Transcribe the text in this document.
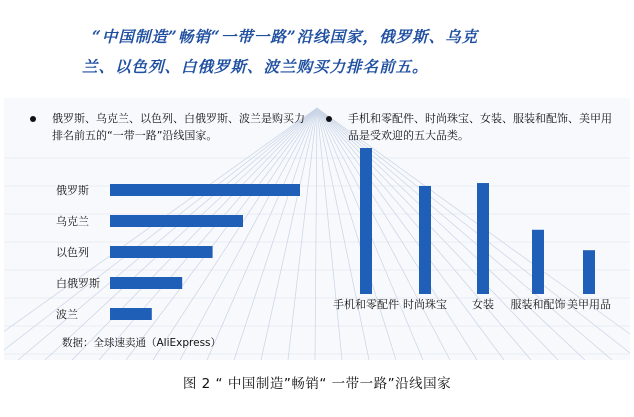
“中国制造”畅销“一带一路”沿线国家，俄罗斯、乌克
兰、以色列、白俄罗斯、波兰购买力排名前五。
俄罗斯、乌克兰、以色列、白俄罗斯、波兰是购买力排名前五的“一带一路”沿线国家。
手机和零配件、时尚珠宝、女装、服装和配饰、美甲用品是受欢迎的五大品类。
俄罗斯
乌克兰
以色列
白俄罗斯
波兰
手机和零配件 时尚珠宝 女装 服装和配饰 美甲用品
数据：全球速卖通（AliExpress）
图 2 “ 中国制造”畅销“ 一带一路”沿线国家
